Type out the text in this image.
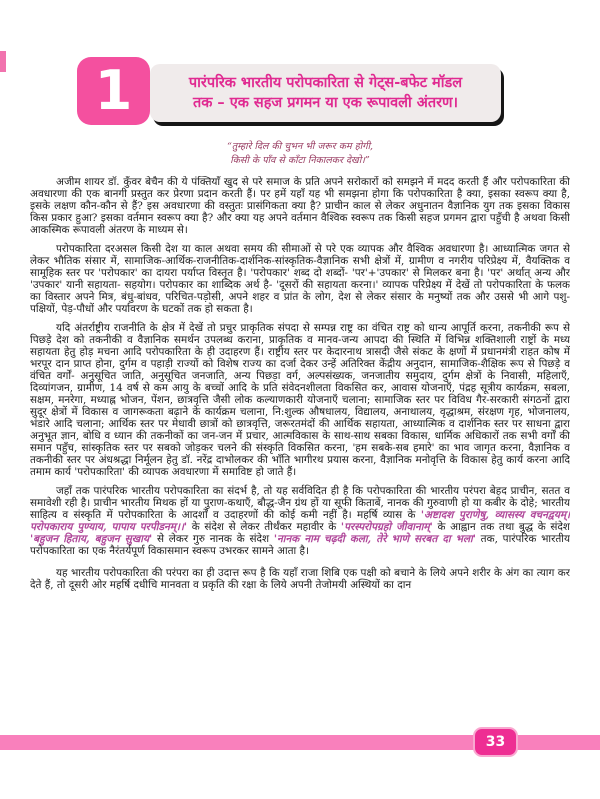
1	पारंपरिक भारतीय परोपकारिता से गेट्स-बफेट मॉडल
तक – एक सहज प्रगमन या एक रूपावली अंतरण।
“तुम्हारे दिल की चुभन भी जरूर कम होगी,
किसी के पाँव से काँटा निकालकर देखो।”

अजीम शायर डॉ. कुँवर बेचैन की ये पंक्तियाँ खुद से परे समाज के प्रति अपने सरोकारों को समझने में मदद करती हैं और परोपकारिता की अवधारणा की एक बानगी प्रस्तुत कर प्रेरणा प्रदान करती हैं। पर हमें यहाँ यह भी समझना होगा कि परोपकारिता है क्या, इसका स्वरूप क्या है, इसके लक्षण कौन-कौन से हैं? इस अवधारणा की वस्तुतः प्रासंगिकता क्या है? प्राचीन काल से लेकर अधुनातन वैज्ञानिक युग तक इसका विकास किस प्रकार हुआ? इसका वर्तमान स्वरूप क्या है? और क्या यह अपने वर्तमान वैश्विक स्वरूप तक किसी सहज प्रगमन द्वारा पहुँची है अथवा किसी आकस्मिक रूपावली अंतरण के माध्यम से।

परोपकारिता दरअसल किसी देश या काल अथवा समय की सीमाओं से परे एक व्यापक और वैश्विक अवधारणा है। आध्यात्मिक जगत से लेकर भौतिक संसार में, सामाजिक-आर्थिक-राजनीतिक-दार्शनिक-सांस्कृतिक-वैज्ञानिक सभी क्षेत्रों में, ग्रामीण व नगरीय परिप्रेक्ष्य में, वैयक्तिक व सामूहिक स्तर पर 'परोपकार' का दायरा पर्याप्त विस्तृत है। 'परोपकार' शब्द दो शब्दों- 'पर'+'उपकार' से मिलकर बना है। 'पर' अर्थात् अन्य और 'उपकार' यानी सहायता- सहयोग। परोपकार का शाब्दिक अर्थ है- 'दूसरों की सहायता करना।' व्यापक परिप्रेक्ष्य में देखें तो परोपकारिता के फलक का विस्तार अपने मित्र, बंधु-बांधव, परिचित-पड़ोसी, अपने शहर व प्रांत के लोग, देश से लेकर संसार के मनुष्यों तक और उससे भी आगे पशु-पक्षियों, पेड़-पौधों और पर्यावरण के घटकों तक हो सकता है।

यदि अंतर्राष्ट्रीय राजनीति के क्षेत्र में देखें तो प्रचुर प्राकृतिक संपदा से सम्पन्न राष्ट्र का वंचित राष्ट्र को धान्य आपूर्ति करना, तकनीकी रूप से पिछड़े देश को तकनीकी व वैज्ञानिक समर्थन उपलब्ध कराना, प्राकृतिक व मानव-जन्य आपदा की स्थिति में विभिन्न शक्तिशाली राष्ट्रों के मध्य सहायता हेतु होड़ मचना आदि परोपकारिता के ही उदाहरण हैं। राष्ट्रीय स्तर पर केदारनाथ त्रासदी जैसे संकट के क्षणों में प्रधानमंत्री राहत कोष में भरपूर दान प्राप्त होना, दुर्गम व पहाड़ी राज्यों को विशेष राज्य का दर्जा देकर उन्हें अतिरिक्त केंद्रीय अनुदान, सामाजिक-शैक्षिक रूप से पिछड़े व वंचित वर्गों- अनुसूचित जाति, अनुसूचित जनजाति, अन्य पिछड़ा वर्ग, अल्पसंख्यक, जनजातीय समुदाय, दुर्गम क्षेत्रों के निवासी, महिलाएँ, दिव्यांगजन, ग्रामीण, 14 वर्ष से कम आयु के बच्चों आदि के प्रति संवेदनशीलता विकसित कर, आवास योजनाएँ, पंद्रह सूत्रीय कार्यक्रम, सबला, सक्षम, मनरेगा, मध्याह्न भोजन, पेंशन, छात्रवृत्ति जैसी लोक कल्याणकारी योजनाएँ चलाना; सामाजिक स्तर पर विविध गैर-सरकारी संगठनों द्वारा सुदूर क्षेत्रों में विकास व जागरूकता बढ़ाने के कार्यक्रम चलाना, नि:शुल्क औषधालय, विद्यालय, अनाथालय, वृद्धाश्रम, संरक्षण गृह, भोजनालय, भंडारे आदि चलाना; आर्थिक स्तर पर मेधावी छात्रों को छात्रवृत्ति, जरूरतमंदों की आर्थिक सहायता, आध्यात्मिक व दार्शनिक स्तर पर साधना द्वारा अनुभूत ज्ञान, बोधि व ध्यान की तकनीकों का जन-जन में प्रचार, आत्मविकास के साथ-साथ सबका विकास, धार्मिक अधिकारों तक सभी वर्गों की समान पहुँच, सांस्कृतिक स्तर पर सबको जोड़कर चलने की संस्कृति विकसित करना, 'हम सबके-सब हमारे' का भाव जागृत करना, वैज्ञानिक व तकनीकी स्तर पर अंधश्रद्धा निर्मूलन हेतु डॉ. नरेंद्र दाभोलकर की भाँति भागीरथ प्रयास करना, वैज्ञानिक मनोवृत्ति के विकास हेतु कार्य करना आदि तमाम कार्य 'परोपकारिता' की व्यापक अवधारणा में समाविष्ट हो जाते हैं।

जहाँ तक पारंपरिक भारतीय परोपकारिता का संदर्भ है, तो यह सर्वविदित ही है कि परोपकारिता की भारतीय परंपरा बेहद प्राचीन, सतत व समावेशी रही है। प्राचीन भारतीय मिथक हों या पुराण-कथाएँ, बौद्ध-जैन ग्रंथ हों या सूफी किताबें, नानक की गुरुवाणी हो या कबीर के दोहे; भारतीय साहित्य व संस्कृति में परोपकारिता के आदर्शों व उदाहरणों की कोई कमी नहीं है। महर्षि व्यास के 'अष्टादश पुराणेषु, व्यासस्य वचनद्वयम्। परोपकाराय पुण्याय, पापाय परपीडनम्।।' के संदेश से लेकर तीर्थंकर महावीर के 'परस्परोपग्रहो जीवानाम्' के आह्वान तक तथा बुद्ध के संदेश 'बहुजन हिताय, बहुजन सुखाय' से लेकर गुरु नानक के संदेश 'नानक नाम चढ़दी कला, तेरे भाणे सरबत दा भला' तक, पारंपरिक भारतीय परोपकारिता का एक नैरंतर्यपूर्ण विकासमान स्वरूप उभरकर सामने आता है।

यह भारतीय परोपकारिता की परंपरा का ही उदात्त रूप है कि यहाँ राजा शिबि एक पक्षी को बचाने के लिये अपने शरीर के अंग का त्याग कर देते हैं, तो दूसरी ओर महर्षि दधीचि मानवता व प्रकृति की रक्षा के लिये अपनी तेजोमयी अस्थियों का दान

33
